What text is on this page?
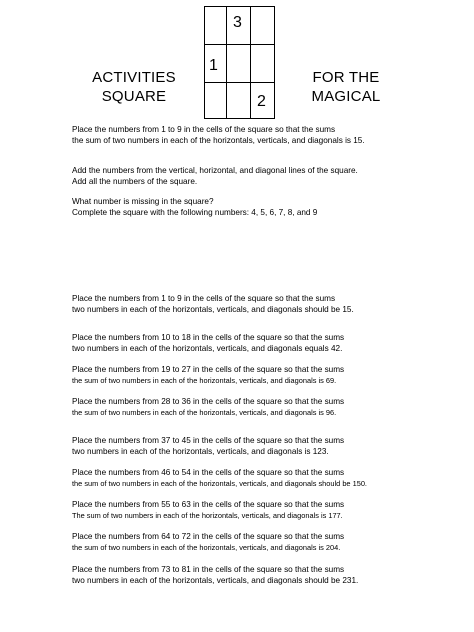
ACTIVITIES
SQUARE
FOR THE
MAGICAL
3
1
2
Place the numbers from 1 to 9 in the cells of the square so that the sums
the sum of two numbers in each of the horizontals, verticals, and diagonals is 15.
Add the numbers from the vertical, horizontal, and diagonal lines of the square.
Add all the numbers of the square.
What number is missing in the square?
Complete the square with the following numbers: 4, 5, 6, 7, 8, and 9
Place the numbers from 1 to 9 in the cells of the square so that the sums
two numbers in each of the horizontals, verticals, and diagonals should be 15.
Place the numbers from 10 to 18 in the cells of the square so that the sums
two numbers in each of the horizontals, verticals, and diagonals equals 42.
Place the numbers from 19 to 27 in the cells of the square so that the sums
the sum of two numbers in each of the horizontals, verticals, and diagonals is 69.
Place the numbers from 28 to 36 in the cells of the square so that the sums
the sum of two numbers in each of the horizontals, verticals, and diagonals is 96.
Place the numbers from 37 to 45 in the cells of the square so that the sums
two numbers in each of the horizontals, verticals, and diagonals is 123.
Place the numbers from 46 to 54 in the cells of the square so that the sums
the sum of two numbers in each of the horizontals, verticals, and diagonals should be 150.
Place the numbers from 55 to 63 in the cells of the square so that the sums
The sum of two numbers in each of the horizontals, verticals, and diagonals is 177.
Place the numbers from 64 to 72 in the cells of the square so that the sums
the sum of two numbers in each of the horizontals, verticals, and diagonals is 204.
Place the numbers from 73 to 81 in the cells of the square so that the sums
two numbers in each of the horizontals, verticals, and diagonals should be 231.
